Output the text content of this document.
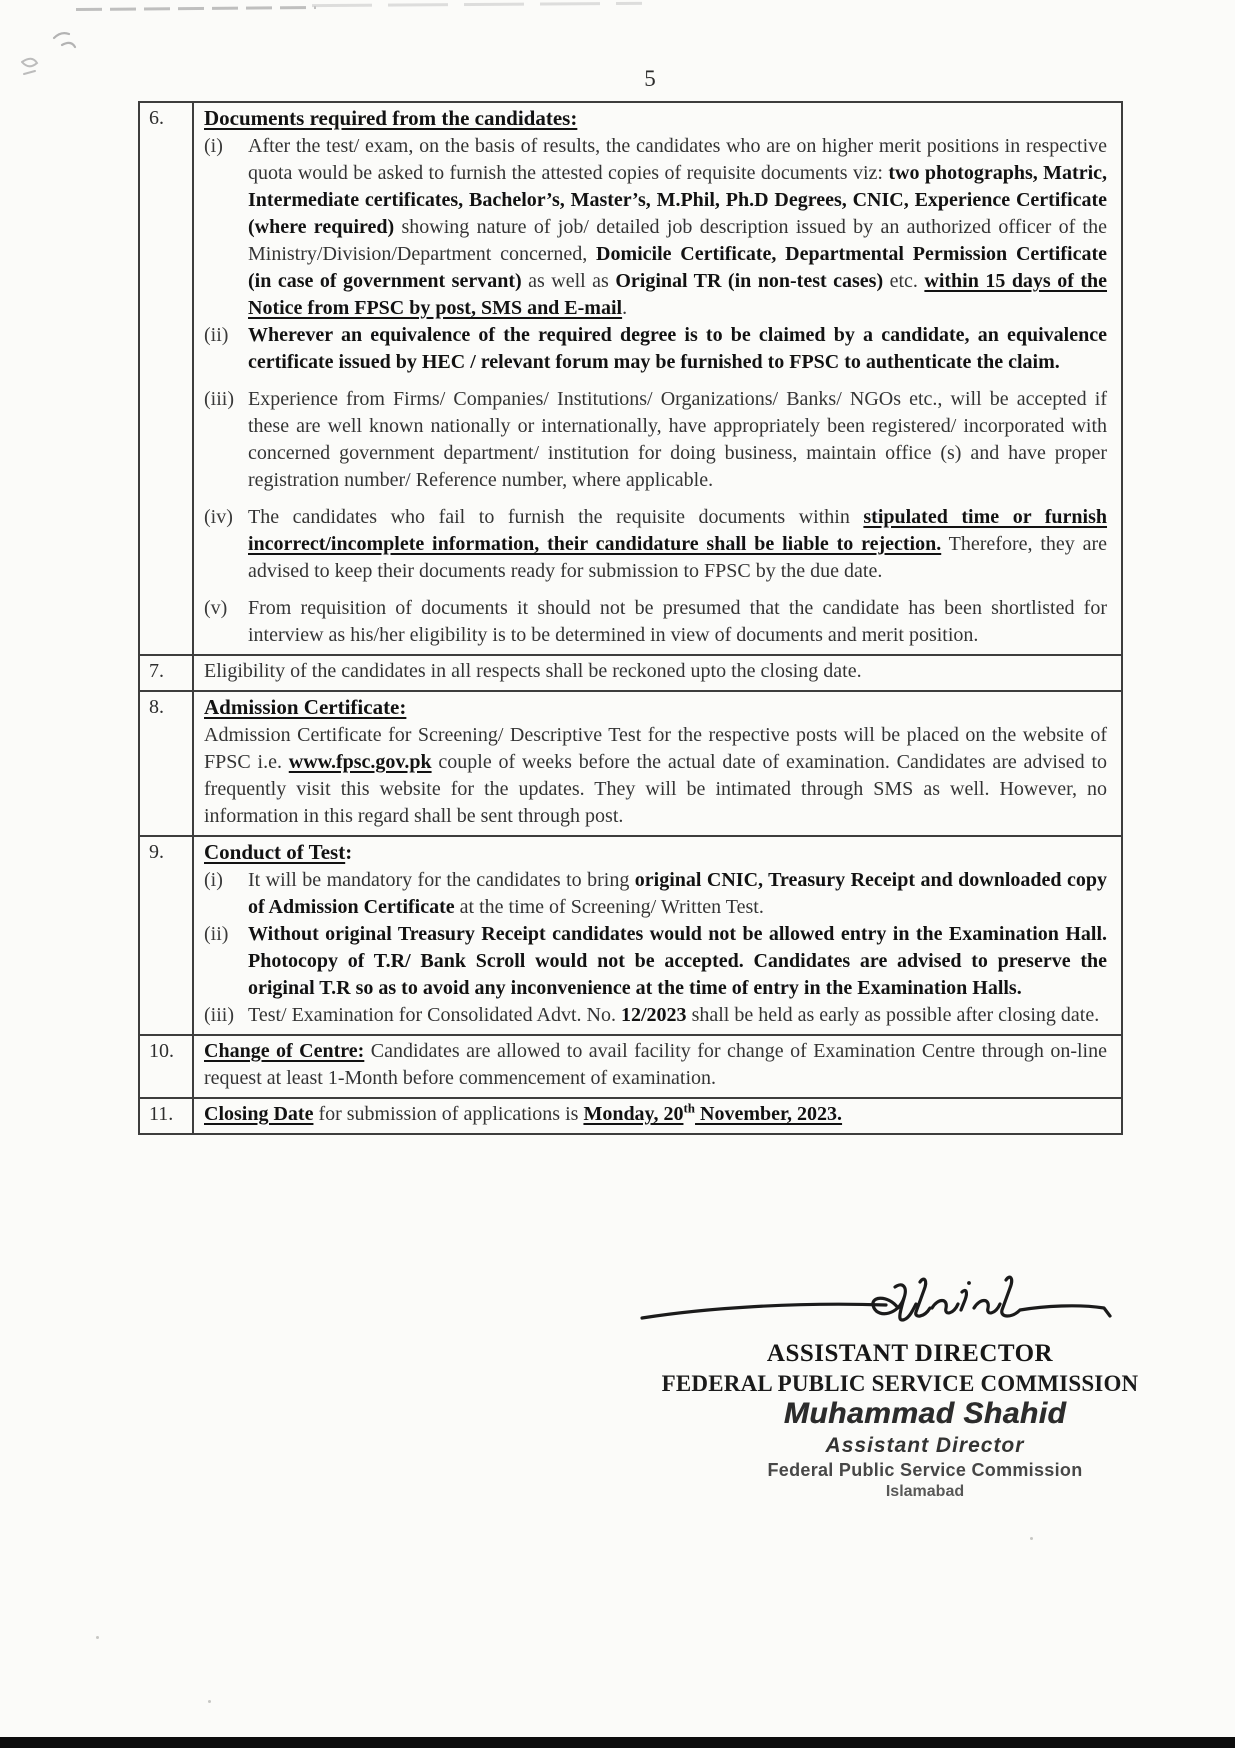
5
6.	Documents required from the candidates:
(i)	After the test/ exam, on the basis of results, the candidates who are on higher merit positions in respective quota would be asked to furnish the attested copies of requisite documents viz: two photographs, Matric, Intermediate certificates, Bachelor’s, Master’s, M.Phil, Ph.D Degrees, CNIC, Experience Certificate (where required) showing nature of job/ detailed job description issued by an authorized officer of the Ministry/Division/Department concerned, Domicile Certificate, Departmental Permission Certificate (in case of government servant) as well as Original TR (in non-test cases) etc. within 15 days of the Notice from FPSC by post, SMS and E-mail.
(ii) Wherever an equivalence of the required degree is to be claimed by a candidate, an equivalence certificate issued by HEC / relevant forum may be furnished to FPSC to authenticate the claim.
(iii) Experience from Firms/ Companies/ Institutions/ Organizations/ Banks/ NGOs etc., will be accepted if these are well known nationally or internationally, have appropriately been registered/ incorporated with concerned government department/ institution for doing business, maintain office (s) and have proper registration number/ Reference number, where applicable.
(iv) The candidates who fail to furnish the requisite documents within stipulated time or furnish incorrect/incomplete information, their candidature shall be liable to rejection. Therefore, they are advised to keep their documents ready for submission to FPSC by the due date.
(v)	From requisition of documents it should not be presumed that the candidate has been shortlisted for interview as his/her eligibility is to be determined in view of documents and merit position.
7.	Eligibility of the candidates in all respects shall be reckoned upto the closing date.
8.	Admission Certificate:
Admission Certificate for Screening/ Descriptive Test for the respective posts will be placed on the website of FPSC i.e. www.fpsc.gov.pk couple of weeks before the actual date of examination. Candidates are advised to frequently visit this website for the updates. They will be intimated through SMS as well. However, no information in this regard shall be sent through post.
9.	Conduct of Test:
(i)	It will be mandatory for the candidates to bring original CNIC, Treasury Receipt and downloaded copy of Admission Certificate at the time of Screening/ Written Test.
(ii) Without original Treasury Receipt candidates would not be allowed entry in the Examination Hall. Photocopy of T.R/ Bank Scroll would not be accepted. Candidates are advised to preserve the original T.R so as to avoid any inconvenience at the time of entry in the Examination Halls.
(iii) Test/ Examination for Consolidated Advt. No. 12/2023 shall be held as early as possible after closing date.
10.	Change of Centre: Candidates are allowed to avail facility for change of Examination Centre through on-line request at least 1-Month before commencement of examination.
11.	Closing Date for submission of applications is Monday, 20th November, 2023.
ASSISTANT DIRECTOR
FEDERAL PUBLIC SERVICE COMMISSION
Muhammad Shahid
Assistant Director
Federal Public Service Commission
Islamabad
